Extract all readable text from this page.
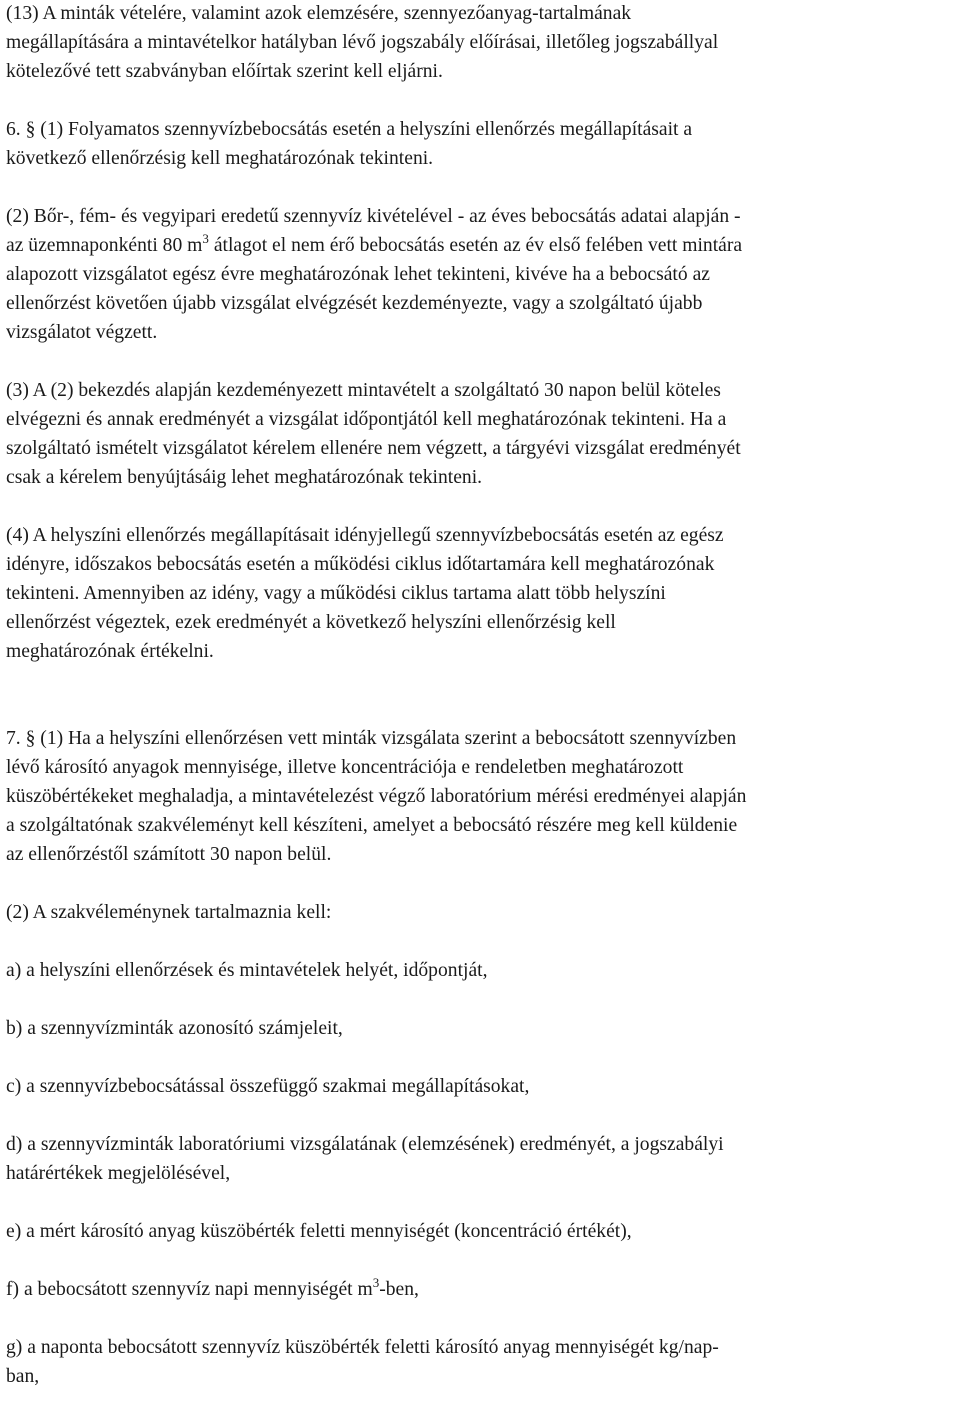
(13) A minták vételére, valamint azok elemzésére, szennyezőanyag-tartalmának
megállapítására a mintavételkor hatályban lévő jogszabály előírásai, illetőleg jogszabállyal
kötelezővé tett szabványban előírtak szerint kell eljárni.

6. § (1) Folyamatos szennyvízbebocsátás esetén a helyszíni ellenőrzés megállapításait a
következő ellenőrzésig kell meghatározónak tekinteni.

(2) Bőr-, fém- és vegyipari eredetű szennyvíz kivételével - az éves bebocsátás adatai alapján -
az üzemnaponkénti 80 $m^3$ átlagot el nem érő bebocsátás esetén az év első felében vett mintára
alapozott vizsgálatot egész évre meghatározónak lehet tekinteni, kivéve ha a bebocsátó az
ellenőrzést követően újabb vizsgálat elvégzését kezdeményezte, vagy a szolgáltató újabb
vizsgálatot végzett.

(3) A (2) bekezdés alapján kezdeményezett mintavételt a szolgáltató 30 napon belül köteles
elvégezni és annak eredményét a vizsgálat időpontjától kell meghatározónak tekinteni. Ha a
szolgáltató ismételt vizsgálatot kérelem ellenére nem végzett, a tárgyévi vizsgálat eredményét
csak a kérelem benyújtásáig lehet meghatározónak tekinteni.

(4) A helyszíni ellenőrzés megállapításait idényjellegű szennyvízbebocsátás esetén az egész
idényre, időszakos bebocsátás esetén a működési ciklus időtartamára kell meghatározónak
tekinteni. Amennyiben az idény, vagy a működési ciklus tartama alatt több helyszíni
ellenőrzést végeztek, ezek eredményét a következő helyszíni ellenőrzésig kell
meghatározónak értékelni.

7. § (1) Ha a helyszíni ellenőrzésen vett minták vizsgálata szerint a bebocsátott szennyvízben
lévő károsító anyagok mennyisége, illetve koncentrációja e rendeletben meghatározott
küszöbértékeket meghaladja, a mintavételezést végző laboratórium mérési eredményei alapján
a szolgáltatónak szakvéleményt kell készíteni, amelyet a bebocsátó részére meg kell küldenie
az ellenőrzéstől számított 30 napon belül.

(2) A szakvéleménynek tartalmaznia kell:

a) a helyszíni ellenőrzések és mintavételek helyét, időpontját,

b) a szennyvízminták azonosító számjeleit,

c) a szennyvízbebocsátással összefüggő szakmai megállapításokat,

d) a szennyvízminták laboratóriumi vizsgálatának (elemzésének) eredményét, a jogszabályi
határértékek megjelölésével,

e) a mért károsító anyag küszöbérték feletti mennyiségét (koncentráció értékét),

f) a bebocsátott szennyvíz napi mennyiségét $m^3$-ben,

g) a naponta bebocsátott szennyvíz küszöbérték feletti károsító anyag mennyiségét kg/nap-
ban,
